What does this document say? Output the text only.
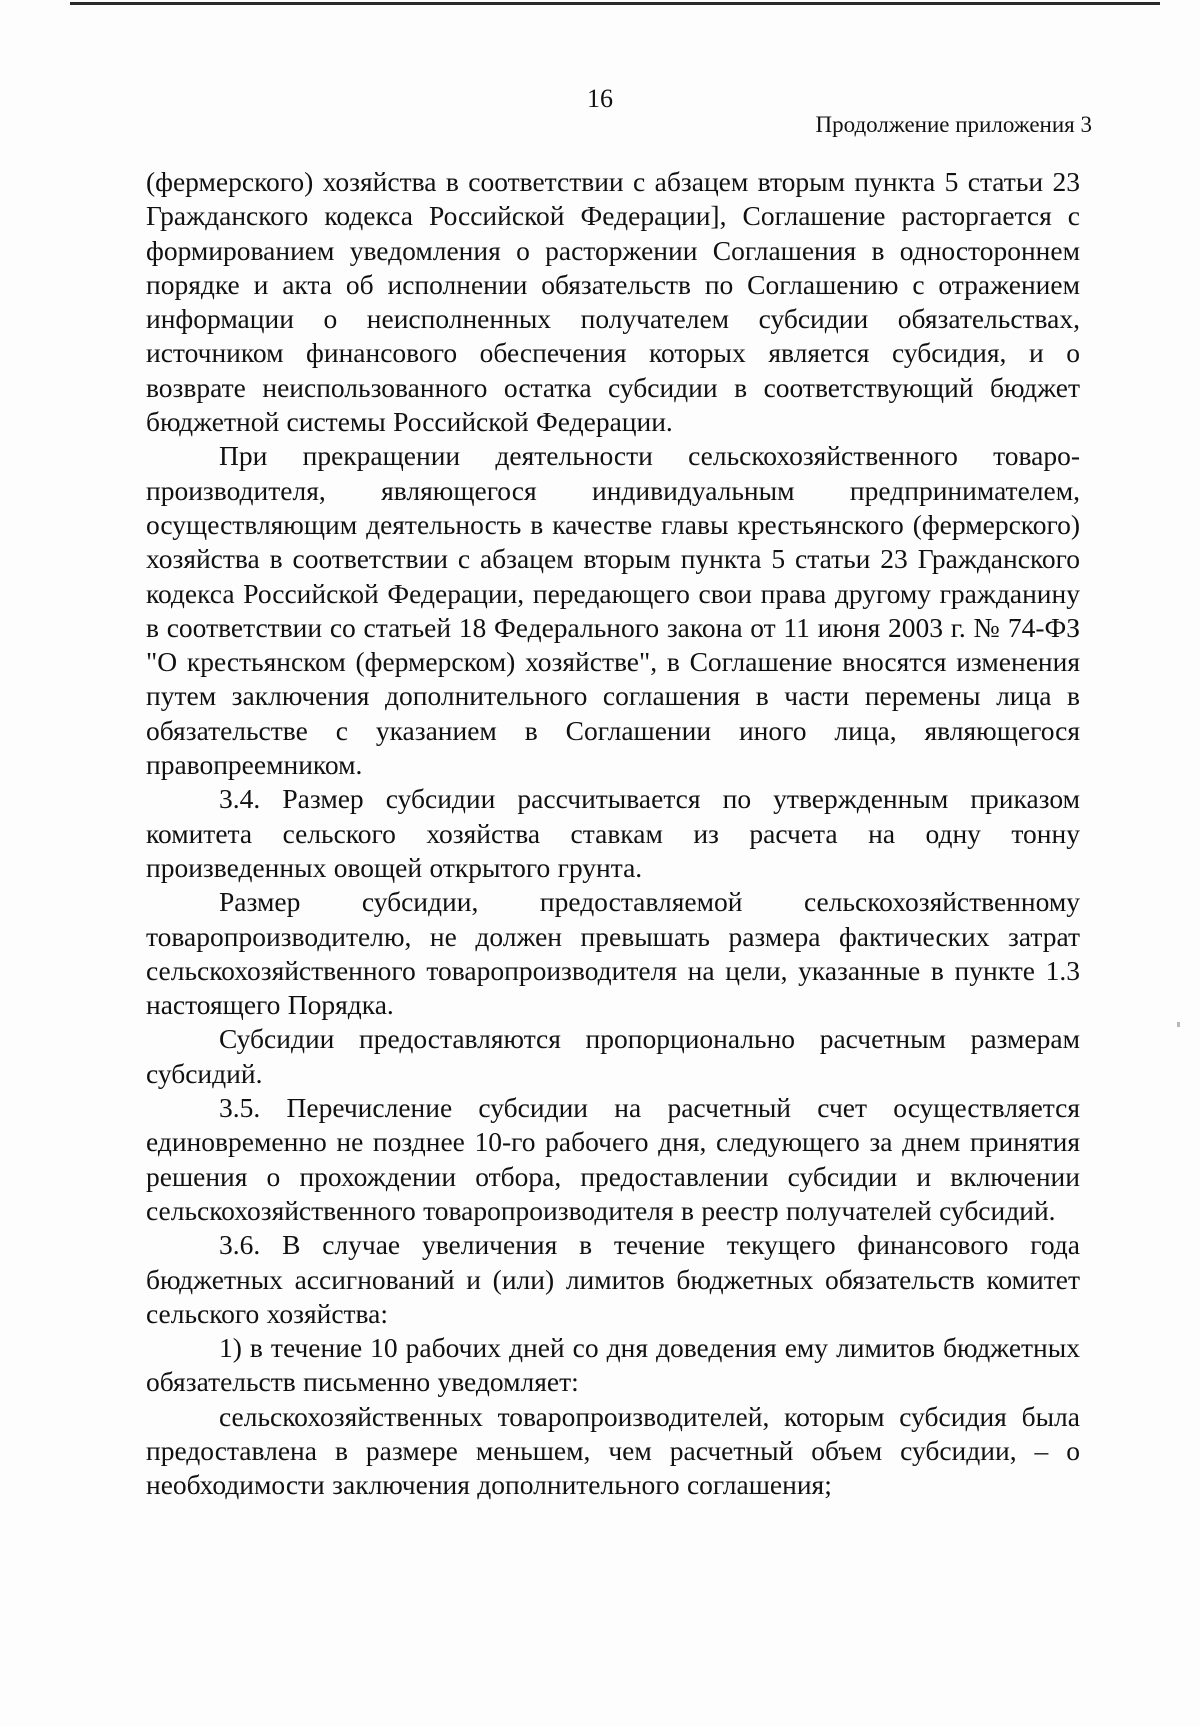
16
Продолжение приложения 3

(фермерского) хозяйства в соответствии с абзацем вторым пункта 5 статьи 23 Гражданского кодекса Российской Федерации], Соглашение расторгается с формированием уведомления о расторжении Соглашения в одностороннем порядке и акта об исполнении обязательств по Соглашению с отражением информации о неисполненных получателем субсидии обязательствах, источником финансового обеспечения которых является субсидия, и о возврате неиспользованного остатка субсидии в соответствующий бюджет бюджетной системы Российской Федерации.

При прекращении деятельности сельскохозяйственного товаро-производителя, являющегося индивидуальным предпринимателем, осуществляющим деятельность в качестве главы крестьянского (фермерского) хозяйства в соответствии с абзацем вторым пункта 5 статьи 23 Гражданского кодекса Российской Федерации, передающего свои права другому гражданину в соответствии со статьей 18 Федерального закона от 11 июня 2003 г. № 74-ФЗ "О крестьянском (фермерском) хозяйстве", в Соглашение вносятся изменения путем заключения дополнительного соглашения в части перемены лица в обязательстве с указанием в Соглашении иного лица, являющегося правопреемником.

3.4. Размер субсидии рассчитывается по утвержденным приказом комитета сельского хозяйства ставкам из расчета на одну тонну произведенных овощей открытого грунта.

Размер субсидии, предоставляемой сельскохозяйственному товаропроизводителю, не должен превышать размера фактических затрат сельскохозяйственного товаропроизводителя на цели, указанные в пункте 1.3 настоящего Порядка.

Субсидии предоставляются пропорционально расчетным размерам субсидий.

3.5. Перечисление субсидии на расчетный счет осуществляется единовременно не позднее 10-го рабочего дня, следующего за днем принятия решения о прохождении отбора, предоставлении субсидии и включении сельскохозяйственного товаропроизводителя в реестр получателей субсидий.

3.6. В случае увеличения в течение текущего финансового года бюджетных ассигнований и (или) лимитов бюджетных обязательств комитет сельского хозяйства:

1) в течение 10 рабочих дней со дня доведения ему лимитов бюджетных обязательств письменно уведомляет:

сельскохозяйственных товаропроизводителей, которым субсидия была предоставлена в размере меньшем, чем расчетный объем субсидии, – о необходимости заключения дополнительного соглашения;
